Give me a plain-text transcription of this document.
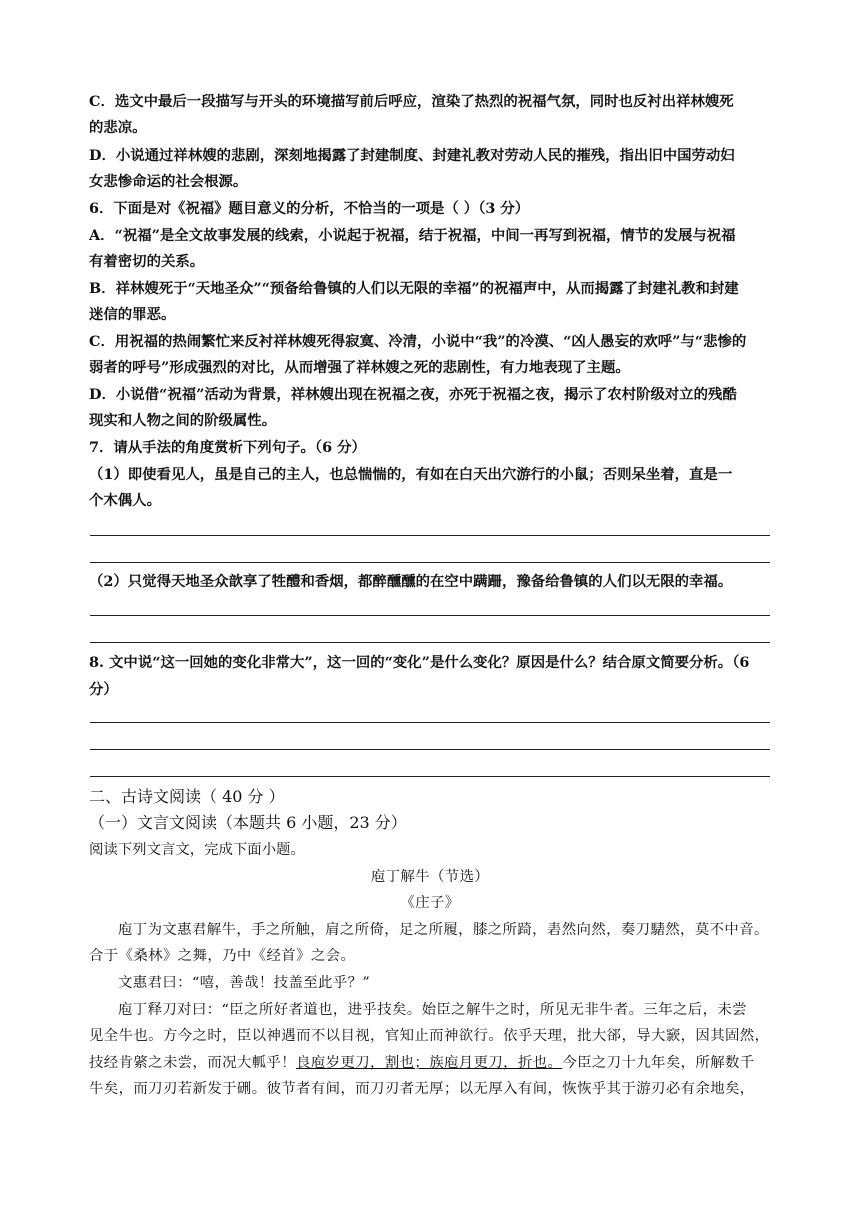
C．选文中最后一段描写与开头的环境描写前后呼应，渲染了热烈的祝福气氛，同时也反衬出祥林嫂死
的悲凉。
D．小说通过祥林嫂的悲剧，深刻地揭露了封建制度、封建礼教对劳动人民的摧残，指出旧中国劳动妇
女悲惨命运的社会根源。
6．下面是对《祝福》题目意义的分析，不恰当的一项是（ ）（3 分）
A．“祝福”是全文故事发展的线索，小说起于祝福，结于祝福，中间一再写到祝福，情节的发展与祝福
有着密切的关系。
B．祥林嫂死于“天地圣众”“预备给鲁镇的人们以无限的幸福”的祝福声中，从而揭露了封建礼教和封建
迷信的罪恶。
C．用祝福的热闹繁忙来反衬祥林嫂死得寂寞、冷清，小说中“我”的冷漠、“凶人愚妄的欢呼”与“悲惨的
弱者的呼号”形成强烈的对比，从而增强了祥林嫂之死的悲剧性，有力地表现了主题。
D．小说借“祝福”活动为背景，祥林嫂出现在祝福之夜，亦死于祝福之夜，揭示了农村阶级对立的残酷
现实和人物之间的阶级属性。
7．请从手法的角度赏析下列句子。（6 分）
（1）即使看见人，虽是自己的主人，也总惴惴的，有如在白天出穴游行的小鼠；否则呆坐着，直是一
个木偶人。
（2）只觉得天地圣众歆享了牲醴和香烟，都醉醺醺的在空中蹒跚，豫备给鲁镇的人们以无限的幸福。
8. 文中说“这一回她的变化非常大”，这一回的“变化”是什么变化？原因是什么？结合原文简要分析。（6
分）
二、古诗文阅读（ 40 分 ）
（一）文言文阅读（本题共 6 小题，23 分）
阅读下列文言文，完成下面小题。
庖丁解牛（节选）
《庄子》
庖丁为文惠君解牛，手之所触，肩之所倚，足之所履，膝之所踦，砉然向然，奏刀騞然，莫不中音。
合于《桑林》之舞，乃中《经首》之会。
文惠君曰：“嘻，善哉！技盖至此乎？”
庖丁释刀对曰：“臣之所好者道也，进乎技矣。始臣之解牛之时，所见无非牛者。三年之后，未尝
见全牛也。方今之时，臣以神遇而不以目视，官知止而神欲行。依乎天理，批大郤，导大窾，因其固然，
技经肯綮之未尝，而况大軱乎！良庖岁更刀，割也；族庖月更刀，折也。今臣之刀十九年矣，所解数千
牛矣，而刀刃若新发于硎。彼节者有间，而刀刃者无厚；以无厚入有间，恢恢乎其于游刃必有余地矣，
